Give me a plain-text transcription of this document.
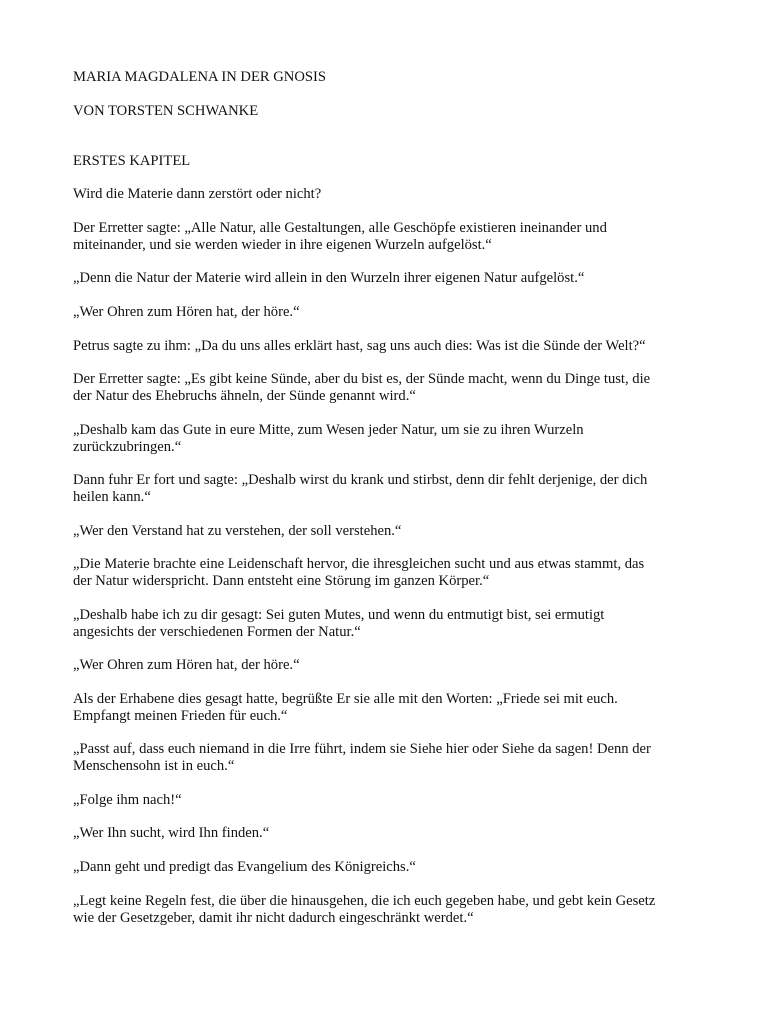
MARIA MAGDALENA IN DER GNOSIS
VON TORSTEN SCHWANKE
ERSTES KAPITEL
Wird die Materie dann zerstört oder nicht?
Der Erretter sagte: „Alle Natur, alle Gestaltungen, alle Geschöpfe existieren ineinander und
miteinander, und sie werden wieder in ihre eigenen Wurzeln aufgelöst.“
„Denn die Natur der Materie wird allein in den Wurzeln ihrer eigenen Natur aufgelöst.“
„Wer Ohren zum Hören hat, der höre.“
Petrus sagte zu ihm: „Da du uns alles erklärt hast, sag uns auch dies: Was ist die Sünde der Welt?“
Der Erretter sagte: „Es gibt keine Sünde, aber du bist es, der Sünde macht, wenn du Dinge tust, die
der Natur des Ehebruchs ähneln, der Sünde genannt wird.“
„Deshalb kam das Gute in eure Mitte, zum Wesen jeder Natur, um sie zu ihren Wurzeln
zurückzubringen.“
Dann fuhr Er fort und sagte: „Deshalb wirst du krank und stirbst, denn dir fehlt derjenige, der dich
heilen kann.“
„Wer den Verstand hat zu verstehen, der soll verstehen.“
„Die Materie brachte eine Leidenschaft hervor, die ihresgleichen sucht und aus etwas stammt, das
der Natur widerspricht. Dann entsteht eine Störung im ganzen Körper.“
„Deshalb habe ich zu dir gesagt: Sei guten Mutes, und wenn du entmutigt bist, sei ermutigt
angesichts der verschiedenen Formen der Natur.“
„Wer Ohren zum Hören hat, der höre.“
Als der Erhabene dies gesagt hatte, begrüßte Er sie alle mit den Worten: „Friede sei mit euch.
Empfangt meinen Frieden für euch.“
„Passt auf, dass euch niemand in die Irre führt, indem sie Siehe hier oder Siehe da sagen! Denn der
Menschensohn ist in euch.“
„Folge ihm nach!“
„Wer Ihn sucht, wird Ihn finden.“
„Dann geht und predigt das Evangelium des Königreichs.“
„Legt keine Regeln fest, die über die hinausgehen, die ich euch gegeben habe, und gebt kein Gesetz
wie der Gesetzgeber, damit ihr nicht dadurch eingeschränkt werdet.“
